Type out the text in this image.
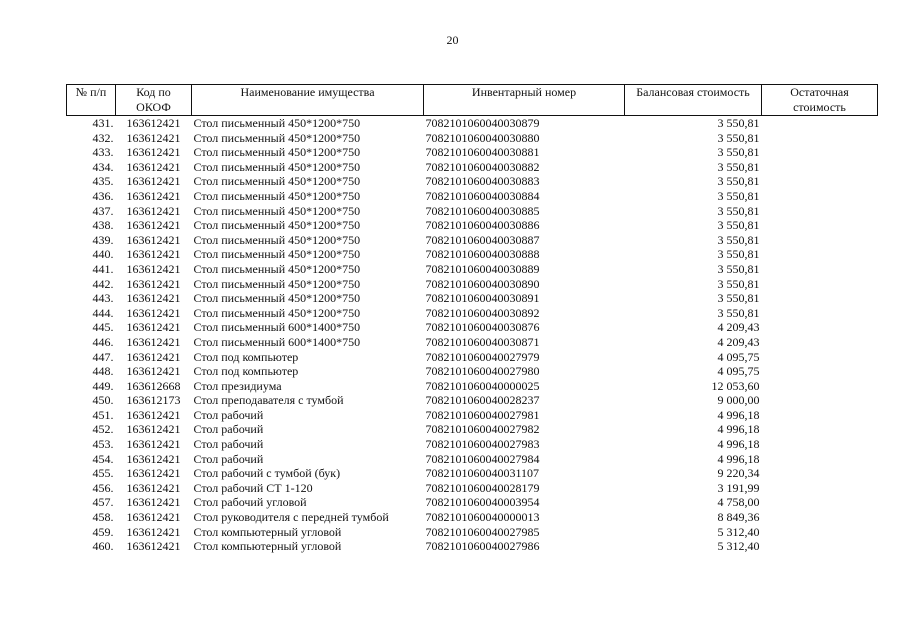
20
№ п/п	Код по ОКОФ	Наименование имущества	Инвентарный номер	Балансовая стоимость	Остаточная стоимость
431.	163612421	Стол письменный 450*1200*750	7082101060040030879	3 550,81	
432.	163612421	Стол письменный 450*1200*750	7082101060040030880	3 550,81	
433.	163612421	Стол письменный 450*1200*750	7082101060040030881	3 550,81	
434.	163612421	Стол письменный 450*1200*750	7082101060040030882	3 550,81	
435.	163612421	Стол письменный 450*1200*750	7082101060040030883	3 550,81	
436.	163612421	Стол письменный 450*1200*750	7082101060040030884	3 550,81	
437.	163612421	Стол письменный 450*1200*750	7082101060040030885	3 550,81	
438.	163612421	Стол письменный 450*1200*750	7082101060040030886	3 550,81	
439.	163612421	Стол письменный 450*1200*750	7082101060040030887	3 550,81	
440.	163612421	Стол письменный 450*1200*750	7082101060040030888	3 550,81	
441.	163612421	Стол письменный 450*1200*750	7082101060040030889	3 550,81	
442.	163612421	Стол письменный 450*1200*750	7082101060040030890	3 550,81	
443.	163612421	Стол письменный 450*1200*750	7082101060040030891	3 550,81	
444.	163612421	Стол письменный 450*1200*750	7082101060040030892	3 550,81	
445.	163612421	Стол письменный 600*1400*750	7082101060040030876	4 209,43	
446.	163612421	Стол письменный 600*1400*750	7082101060040030871	4 209,43	
447.	163612421	Стол под компьютер	7082101060040027979	4 095,75	
448.	163612421	Стол под компьютер	7082101060040027980	4 095,75	
449.	163612668	Стол президиума	7082101060040000025	12 053,60	
450.	163612173	Стол преподавателя с тумбой	7082101060040028237	9 000,00	
451.	163612421	Стол рабочий	7082101060040027981	4 996,18	
452.	163612421	Стол рабочий	7082101060040027982	4 996,18	
453.	163612421	Стол рабочий	7082101060040027983	4 996,18	
454.	163612421	Стол рабочий	7082101060040027984	4 996,18	
455.	163612421	Стол рабочий с тумбой (бук)	7082101060040031107	9 220,34	
456.	163612421	Стол рабочий СТ 1-120	7082101060040028179	3 191,99	
457.	163612421	Стол рабочий угловой	7082101060040003954	4 758,00	
458.	163612421	Стол руководителя с передней тумбой	7082101060040000013	8 849,36	
459.	163612421	Стол компьютерный угловой	7082101060040027985	5 312,40	
460.	163612421	Стол компьютерный угловой	7082101060040027986	5 312,40	
